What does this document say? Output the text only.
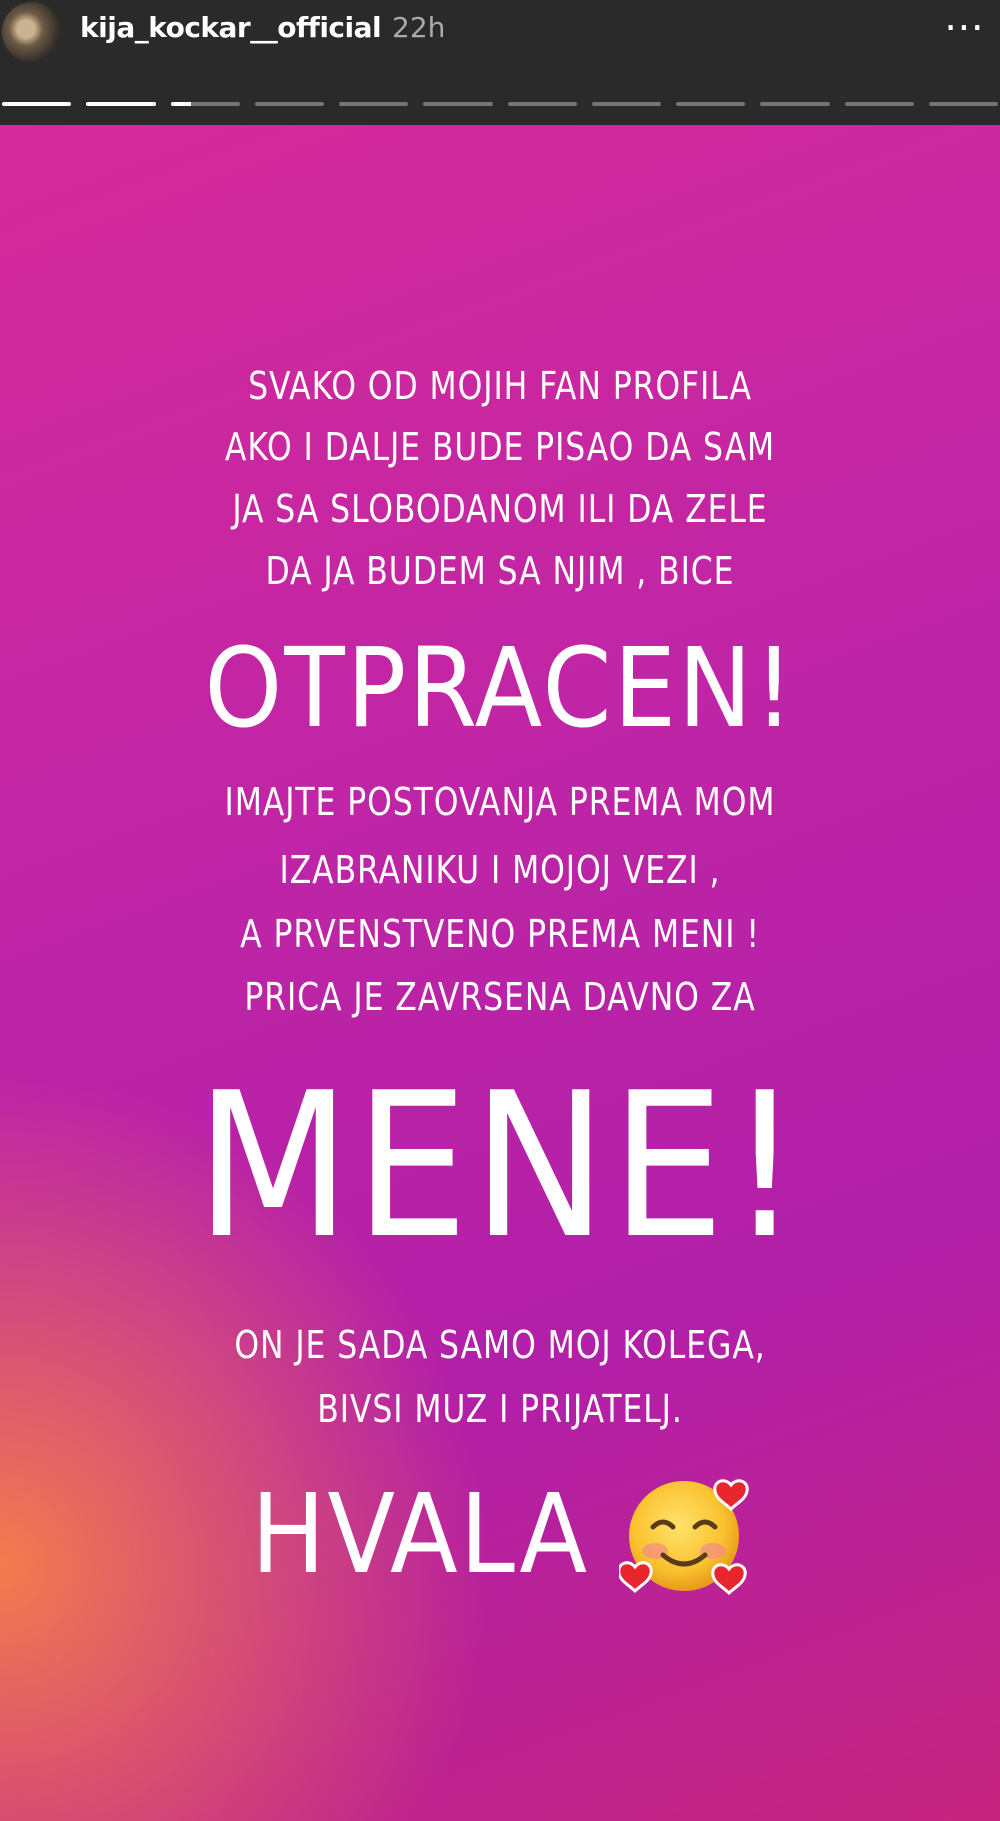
kija_kockar__official 22h	⋯
SVAKO OD MOJIH FAN PROFILA
AKO I DALJE BUDE PISAO DA SAM
JA SA SLOBODANOM ILI DA ZELE
DA JA BUDEM SA NJIM , BICE
OTPRACEN!
IMAJTE POSTOVANJA PREMA MOM
IZABRANIKU I MOJOJ VEZI ,
A PRVENSTVENO PREMA MENI !
PRICA JE ZAVRSENA DAVNO ZA
MENE!
ON JE SADA SAMO MOJ KOLEGA,
BIVSI MUZ I PRIJATELJ.
HVALA
